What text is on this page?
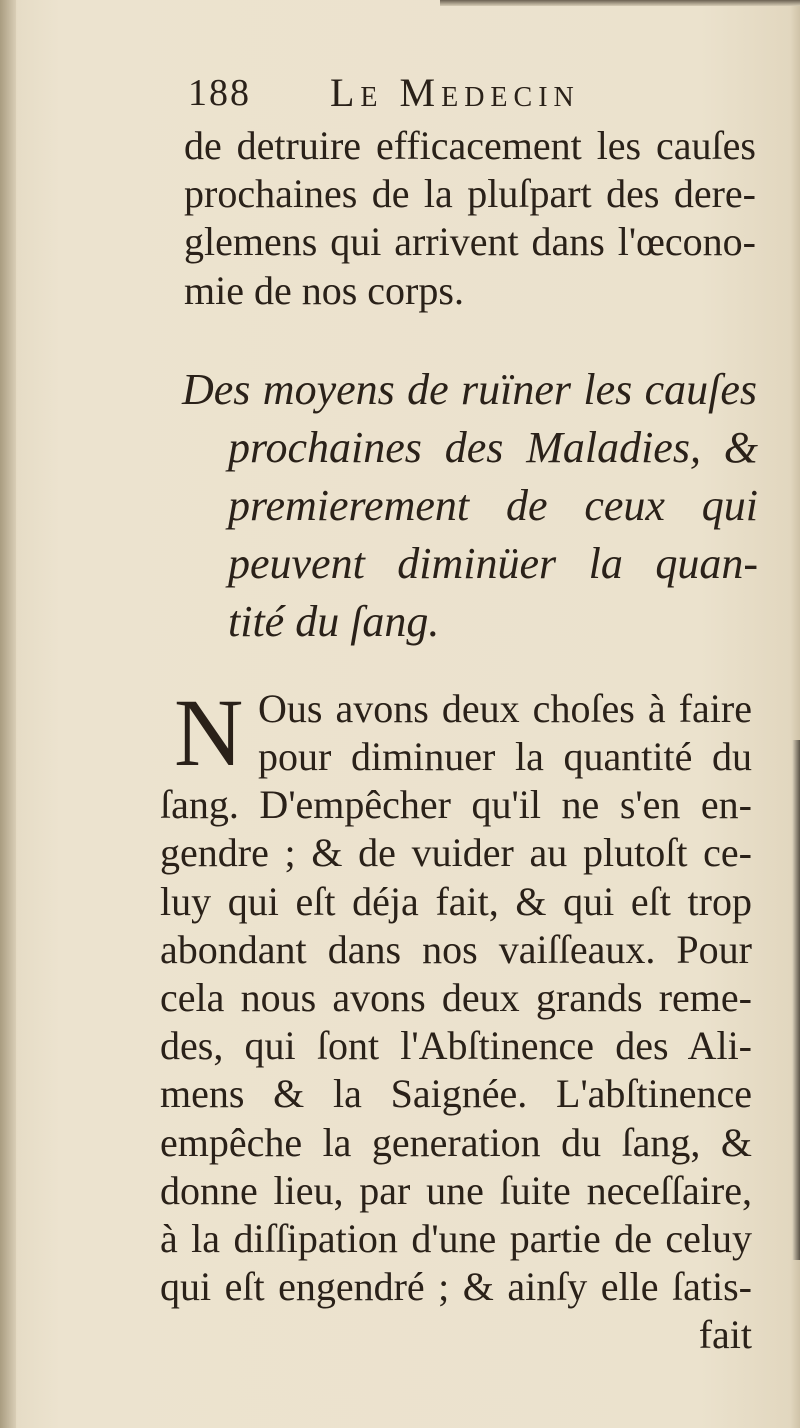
188 Le Medecin
de detruire efficacement les cauſes
prochaines de la pluſpart des dere-
glemens qui arrivent dans l'œcono-
mie de nos corps.
Des moyens de ruïner les cauſes
prochaines des Maladies, &
premierement de ceux qui
peuvent diminüer la quan-
tité du ſang.
N Ous avons deux choſes à faire
pour diminuer la quantité du
ſang. D'empêcher qu'il ne s'en en-
gendre ; & de vuider au plutoſt ce-
luy qui eſt déja fait, & qui eſt trop
abondant dans nos vaiſſeaux. Pour
cela nous avons deux grands reme-
des, qui ſont l'Abſtinence des Ali-
mens & la Saignée. L'abſtinence
empêche la generation du ſang, &
donne lieu, par une ſuite neceſſaire,
à la diſſipation d'une partie de celuy
qui eſt engendré ; & ainſy elle ſatis-
fait
